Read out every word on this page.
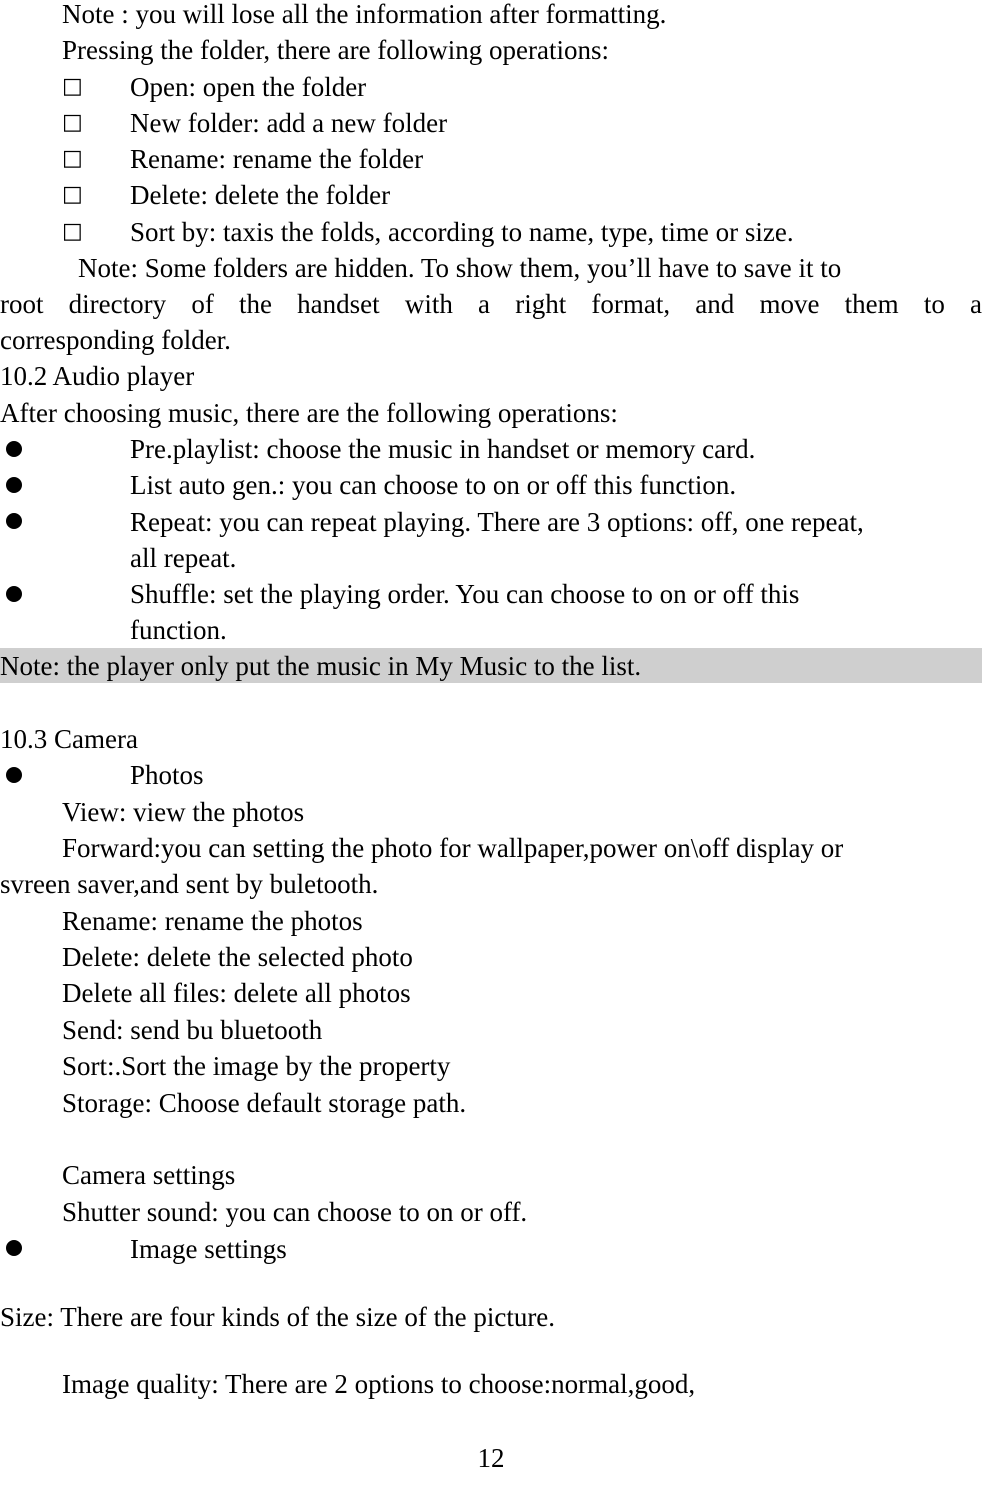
Note : you will lose all the information after formatting.
Pressing the folder, there are following operations:
□	Open: open the folder
□	New folder: add a new folder
□	Rename: rename the folder
□	Delete: delete the folder
□	Sort by: taxis the folds, according to name, type, time or size.
Note: Some folders are hidden. To show them, you’ll have to save it to
root directory of the handset with a right format, and move them to a
corresponding folder.
10.2 Audio player
After choosing music, there are the following operations:
Pre.playlist: choose the music in handset or memory card.
List auto gen.: you can choose to on or off this function.
Repeat: you can repeat playing. There are 3 options: off, one repeat,
all repeat.
Shuffle: set the playing order. You can choose to on or off this
function.
Note: the player only put the music in My Music to the list.
10.3 Camera
Photos
View: view the photos
Forward:you can setting the photo for wallpaper,power on\off display or
svreen saver,and sent by buletooth.
Rename: rename the photos
Delete: delete the selected photo
Delete all files: delete all photos
Send: send bu bluetooth
Sort:.Sort the image by the property
Storage: Choose default storage path.
Camera settings
Shutter sound: you can choose to on or off.
Image settings
Size: There are four kinds of the size of the picture.
Image quality: There are 2 options to choose:normal,good,
12
